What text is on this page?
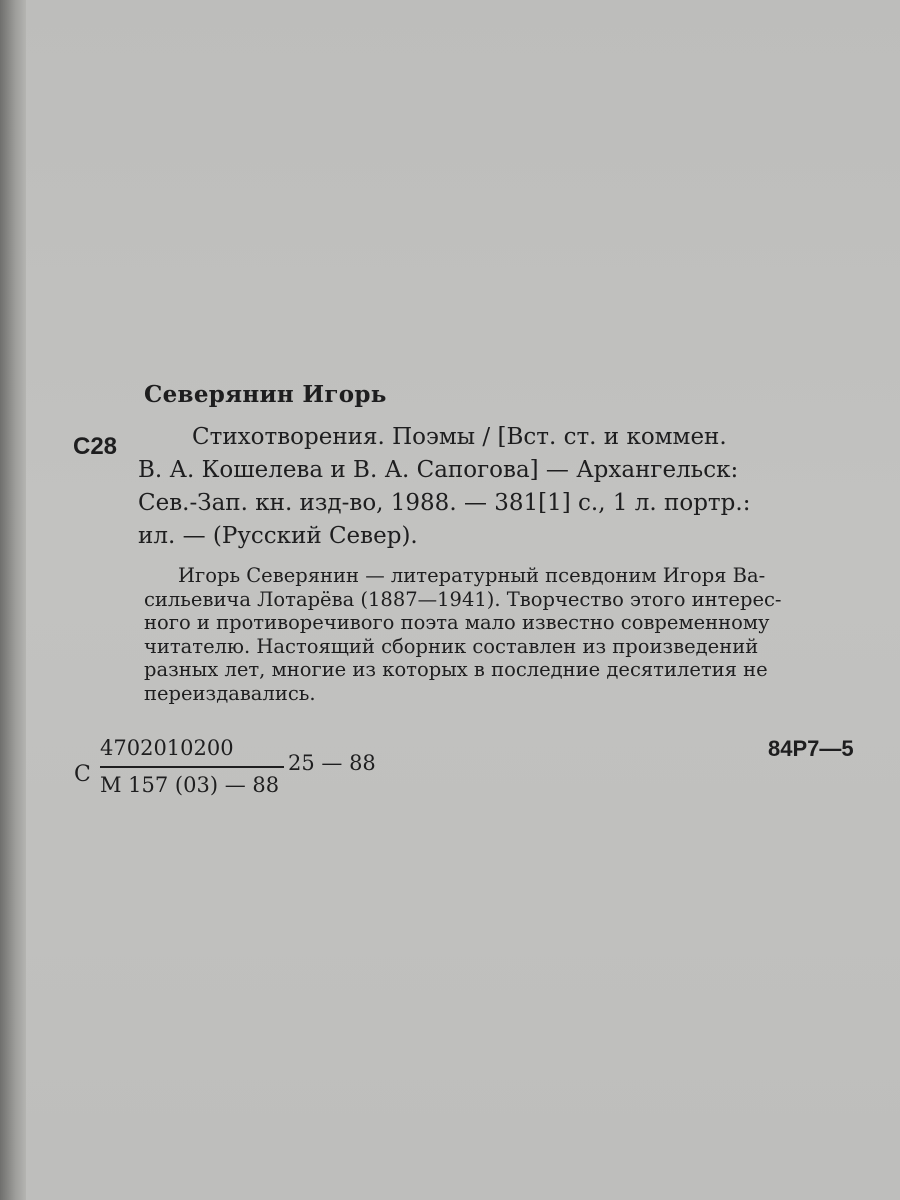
Северянин Игорь
С28	Стихотворения. Поэмы / [Вст. ст. и коммен.
В. А. Кошелева и В. А. Сапогова] — Архангельск:
Сев.-Зап. кн. изд-во, 1988. — 381[1] с., 1 л. портр.:
ил. — (Русский Север).
Игорь Северянин — литературный псевдоним Игоря Ва-
сильевича Лотарёва (1887—1941). Творчество этого интерес-
ного и противоречивого поэта мало известно современному
читателю. Настоящий сборник составлен из произведений
разных лет, многие из которых в последние десятилетия не
переиздавались.
С
4702010200
М 157 (03) — 88
25 — 88
84Р7—5
